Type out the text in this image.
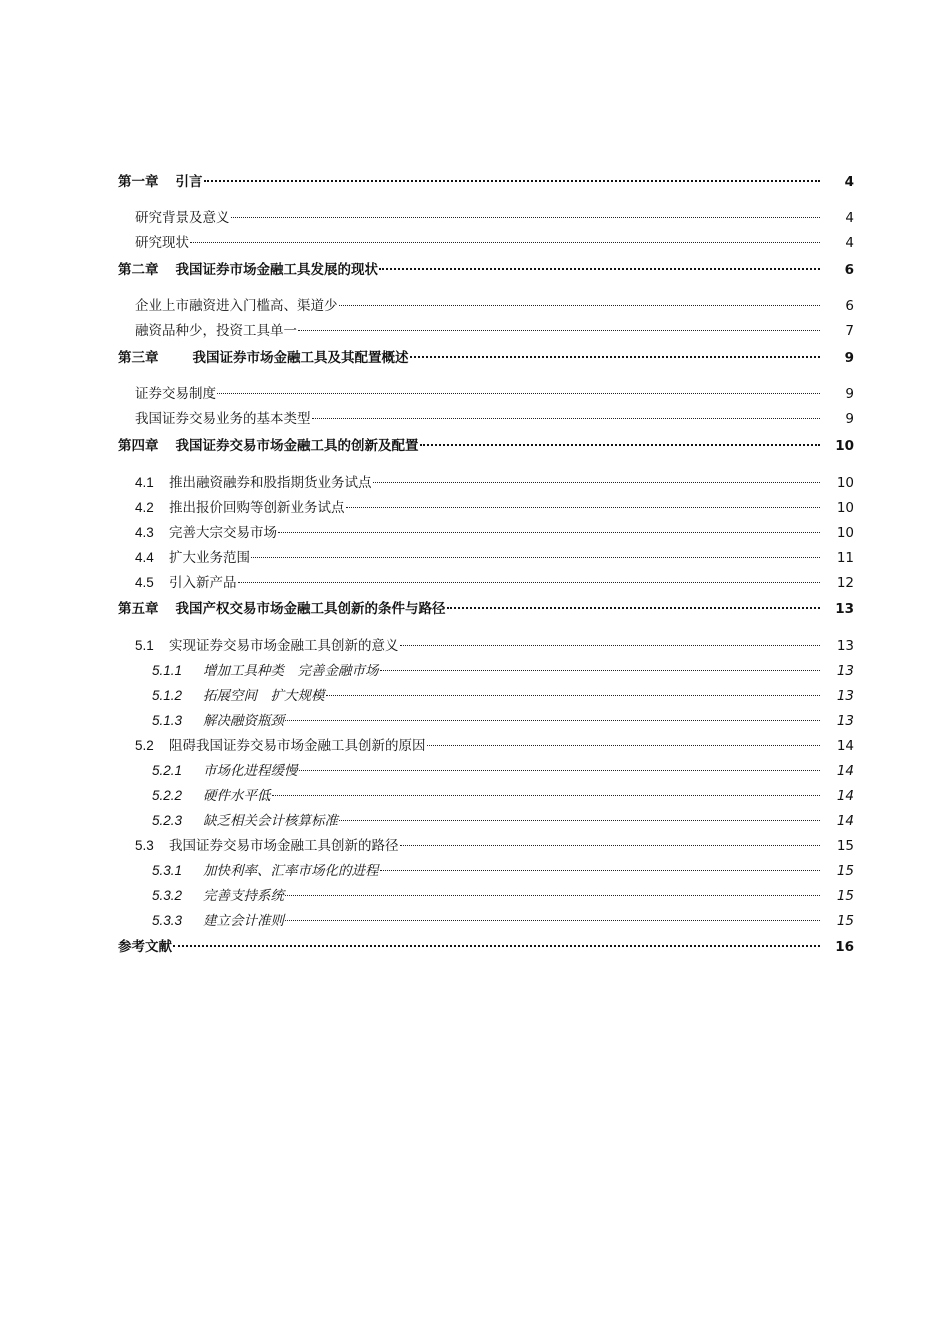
第一章 引言	4
研究背景及意义	4
研究现状	4
第二章 我国证券市场金融工具发展的现状	6
企业上市融资进入门槛高、渠道少	6
融资品种少，投资工具单一	7
第三章	我国证券市场金融工具及其配置概述	9
证券交易制度	9
我国证券交易业务的基本类型	9
第四章 我国证券交易市场金融工具的创新及配置	10
4.1 推出融资融券和股指期货业务试点	10
4.2 推出报价回购等创新业务试点	10
4.3 完善大宗交易市场	10
4.4 扩大业务范围	11
4.5 引入新产品	12
第五章 我国产权交易市场金融工具创新的条件与路径	13
5.1 实现证券交易市场金融工具创新的意义	13
5.1.1 增加工具种类　完善金融市场	13
5.1.2 拓展空间　扩大规模	13
5.1.3 解决融资瓶颈	13
5.2 阻碍我国证券交易市场金融工具创新的原因	14
5.2.1 市场化进程缓慢	14
5.2.2 硬件水平低	14
5.2.3 缺乏相关会计核算标准	14
5.3 我国证券交易市场金融工具创新的路径	15
5.3.1 加快利率、汇率市场化的进程	15
5.3.2 完善支持系统	15
5.3.3 建立会计准则	15
参考文献	16
